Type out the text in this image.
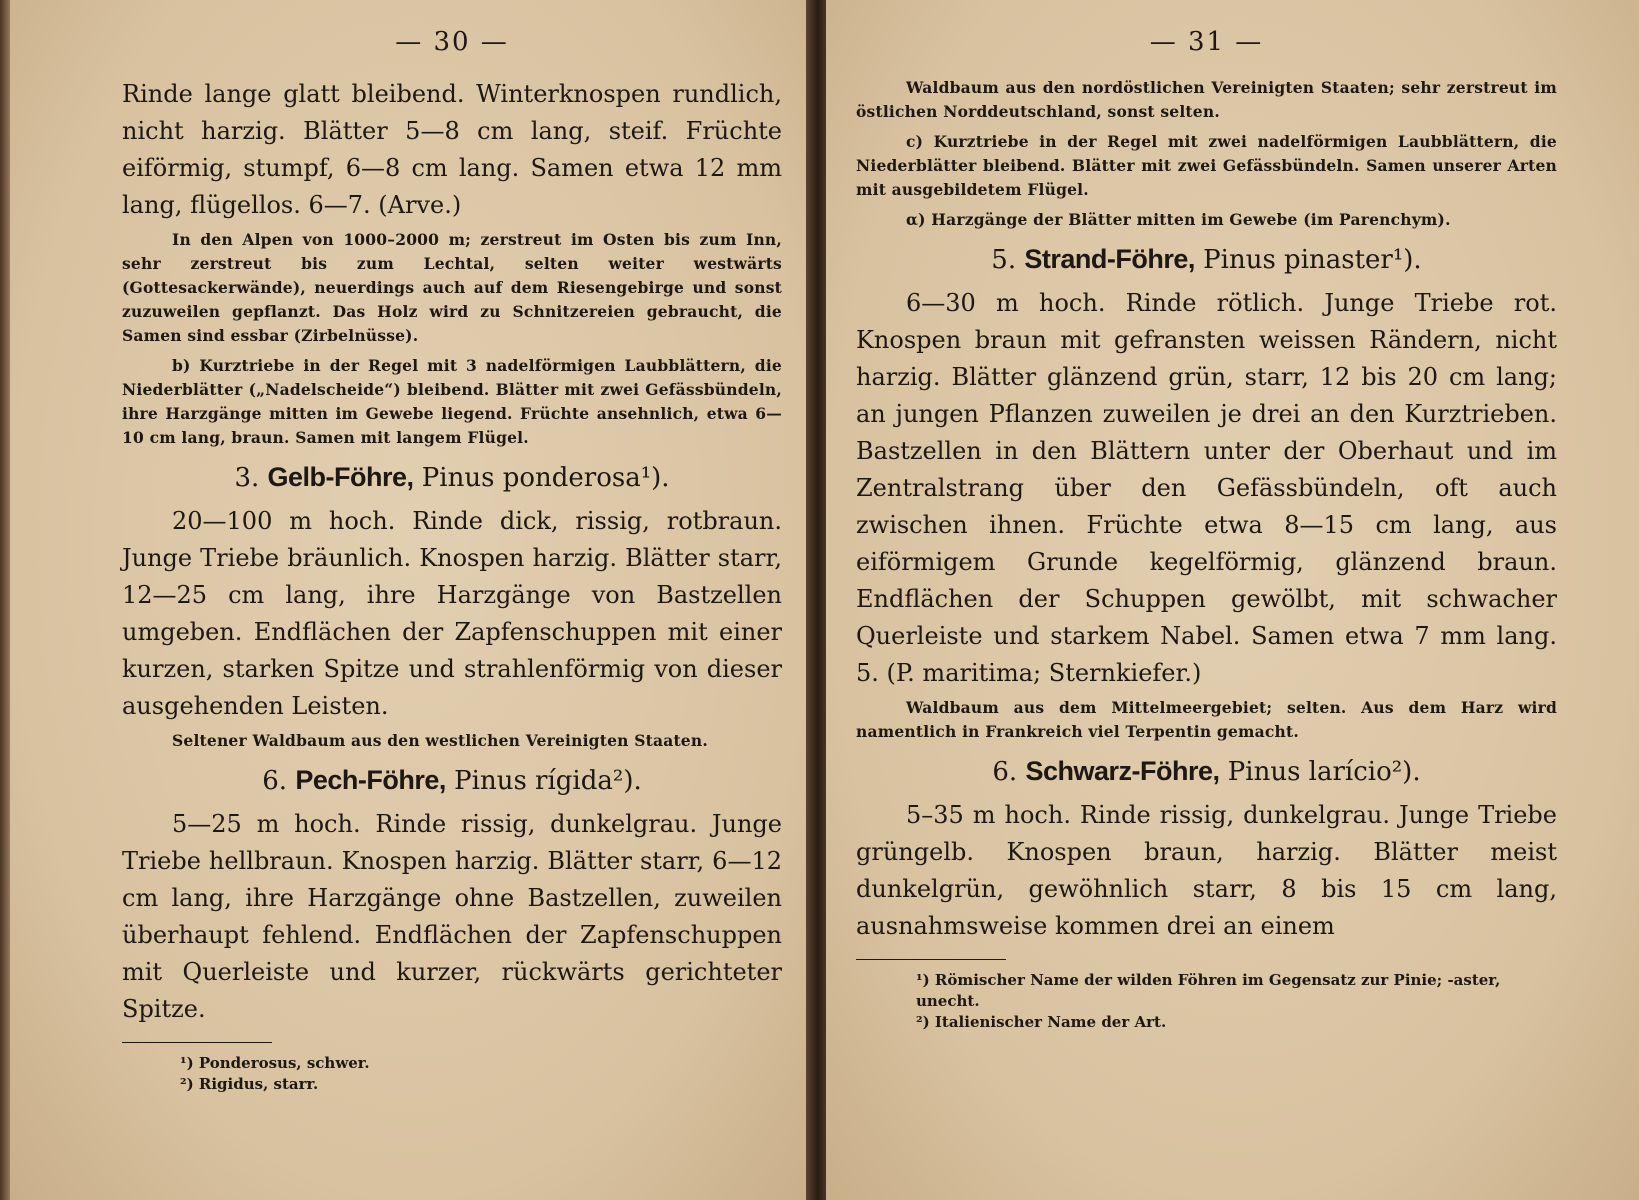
— 30 —

Rinde lange glatt bleibend. Winterknospen rundlich, nicht harzig. Blätter 5—8 cm lang, steif. Früchte eiförmig, stumpf, 6—8 cm lang. Samen etwa 12 mm lang, flügellos. 6—7. (Arve.)

In den Alpen von 1000–2000 m; zerstreut im Osten bis zum Inn, sehr zerstreut bis zum Lechtal, selten weiter westwärts (Gottesackerwände), neuerdings auch auf dem Riesengebirge und sonst zuzuweilen gepflanzt. Das Holz wird zu Schnitzereien gebraucht, die Samen sind essbar (Zirbelnüsse).

b) Kurztriebe in der Regel mit 3 nadelförmigen Laubblättern, die Niederblätter („Nadelscheide“) bleibend. Blätter mit zwei Gefässbündeln, ihre Harzgänge mitten im Gewebe liegend. Früchte ansehnlich, etwa 6—10 cm lang, braun. Samen mit langem Flügel.

3. Gelb-Föhre, Pinus ponderosa¹).

20—100 m hoch. Rinde dick, rissig, rotbraun. Junge Triebe bräunlich. Knospen harzig. Blätter starr, 12—25 cm lang, ihre Harzgänge von Bastzellen umgeben. Endflächen der Zapfenschuppen mit einer kurzen, starken Spitze und strahlenförmig von dieser ausgehenden Leisten.

Seltener Waldbaum aus den westlichen Vereinigten Staaten.

6. Pech-Föhre, Pinus rígida²).

5—25 m hoch. Rinde rissig, dunkelgrau. Junge Triebe hellbraun. Knospen harzig. Blätter starr, 6—12 cm lang, ihre Harzgänge ohne Bastzellen, zuweilen überhaupt fehlend. Endflächen der Zapfenschuppen mit Querleiste und kurzer, rückwärts gerichteter Spitze.

¹) Ponderosus, schwer.

²) Rigidus, starr.

— 31 —

Waldbaum aus den nordöstlichen Vereinigten Staaten; sehr zerstreut im östlichen Norddeutschland, sonst selten.

c) Kurztriebe in der Regel mit zwei nadelförmigen Laubblättern, die Niederblätter bleibend. Blätter mit zwei Gefässbündeln. Samen unserer Arten mit ausgebildetem Flügel.

α) Harzgänge der Blätter mitten im Gewebe (im Parenchym).

5. Strand-Föhre, Pinus pinaster¹).

6—30 m hoch. Rinde rötlich. Junge Triebe rot. Knospen braun mit gefransten weissen Rändern, nicht harzig. Blätter glänzend grün, starr, 12 bis 20 cm lang; an jungen Pflanzen zuweilen je drei an den Kurztrieben. Bastzellen in den Blättern unter der Oberhaut und im Zentralstrang über den Gefässbündeln, oft auch zwischen ihnen. Früchte etwa 8—15 cm lang, aus eiförmigem Grunde kegelförmig, glänzend braun. Endflächen der Schuppen gewölbt, mit schwacher Querleiste und starkem Nabel. Samen etwa 7 mm lang. 5. (P. maritima; Sternkiefer.)

Waldbaum aus dem Mittelmeergebiet; selten. Aus dem Harz wird namentlich in Frankreich viel Terpentin gemacht.

6. Schwarz-Föhre, Pinus larício²).

5–35 m hoch. Rinde rissig, dunkelgrau. Junge Triebe grüngelb. Knospen braun, harzig. Blätter meist dunkelgrün, gewöhnlich starr, 8 bis 15 cm lang, ausnahmsweise kommen drei an einem

¹) Römischer Name der wilden Föhren im Gegensatz zur Pinie; -aster, unecht.

²) Italienischer Name der Art.
